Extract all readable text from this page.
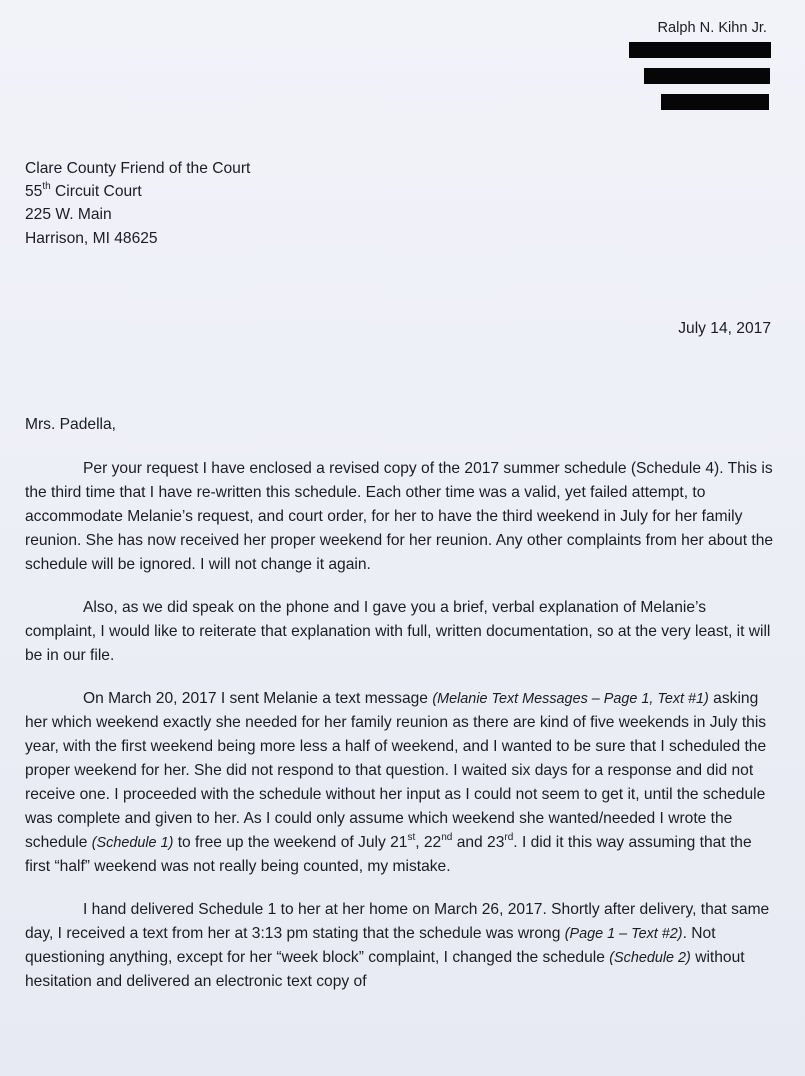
Ralph N. Kihn Jr.
Clare County Friend of the Court
55th Circuit Court
225 W. Main
Harrison, MI 48625
July 14, 2017
Mrs. Padella,

Per your request I have enclosed a revised copy of the 2017 summer schedule (Schedule 4). This is the third time that I have re-written this schedule. Each other time was a valid, yet failed attempt, to accommodate Melanie’s request, and court order, for her to have the third weekend in July for her family reunion. She has now received her proper weekend for her reunion. Any other complaints from her about the schedule will be ignored. I will not change it again.

Also, as we did speak on the phone and I gave you a brief, verbal explanation of Melanie’s complaint, I would like to reiterate that explanation with full, written documentation, so at the very least, it will be in our file.

On March 20, 2017 I sent Melanie a text message (Melanie Text Messages – Page 1, Text #1) asking her which weekend exactly she needed for her family reunion as there are kind of five weekends in July this year, with the first weekend being more less a half of weekend, and I wanted to be sure that I scheduled the proper weekend for her. She did not respond to that question. I waited six days for a response and did not receive one. I proceeded with the schedule without her input as I could not seem to get it, until the schedule was complete and given to her. As I could only assume which weekend she wanted/needed I wrote the schedule (Schedule 1) to free up the weekend of July 21st, 22nd and 23rd. I did it this way assuming that the first “half” weekend was not really being counted, my mistake.

I hand delivered Schedule 1 to her at her home on March 26, 2017. Shortly after delivery, that same day, I received a text from her at 3:13 pm stating that the schedule was wrong (Page 1 – Text #2). Not questioning anything, except for her “week block” complaint, I changed the schedule (Schedule 2) without hesitation and delivered an electronic text copy of
